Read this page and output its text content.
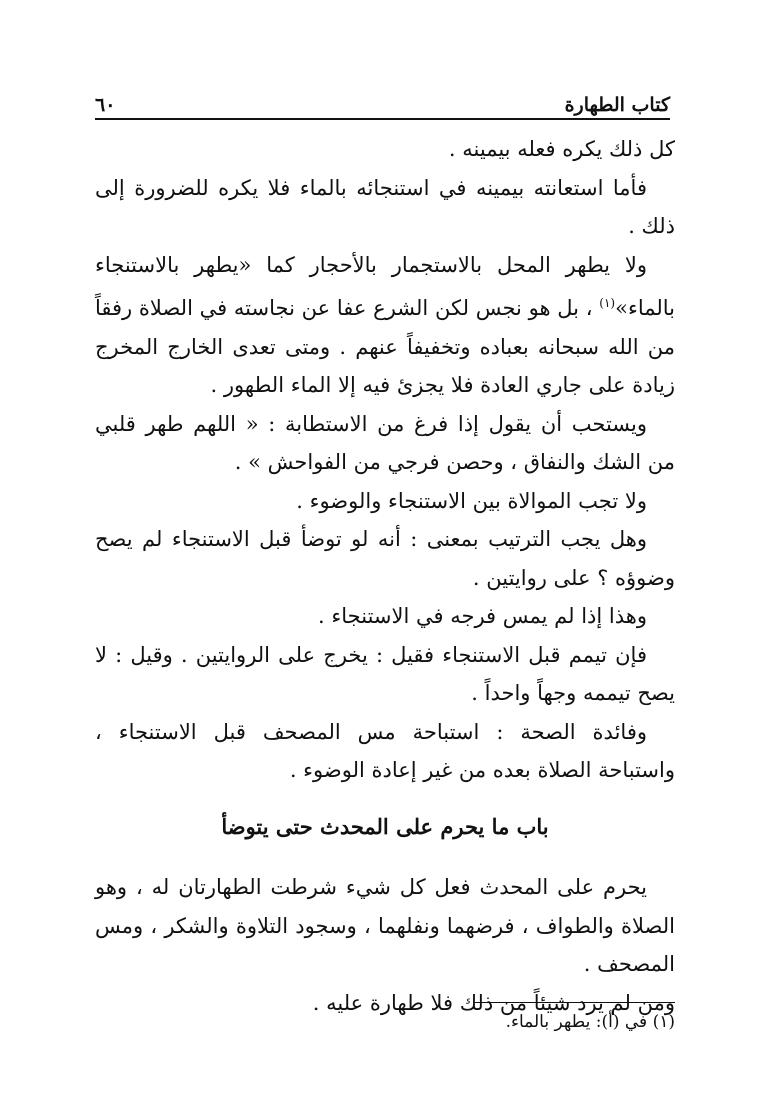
كتاب الطهارة
٦٠

كل ذلك يكره فعله بيمينه .

فأما استعانته بيمينه في استنجائه بالماء فلا يكره للضرورة إلى ذلك .

ولا يطهر المحل بالاستجمار بالأحجار كما «يطهر بالاستنجاء بالماء»$^{(١)}$ ، بل هو نجس لكن الشرع عفا عن نجاسته في الصلاة رفقاً من الله سبحانه بعباده وتخفيفاً عنهم . ومتى تعدى الخارج المخرج زيادة على جاري العادة فلا يجزئ فيه إلا الماء الطهور .

ويستحب أن يقول إذا فرغ من الاستطابة : « اللهم طهر قلبي من الشك والنفاق ، وحصن فرجي من الفواحش » .

ولا تجب الموالاة بين الاستنجاء والوضوء .

وهل يجب الترتيب بمعنى : أنه لو توضأ قبل الاستنجاء لم يصح وضوؤه ؟ على روايتين .

وهذا إذا لم يمس فرجه في الاستنجاء .

فإن تيمم قبل الاستنجاء فقيل : يخرج على الروايتين . وقيل : لا يصح تيممه وجهاً واحداً .

وفائدة الصحة : استباحة مس المصحف قبل الاستنجاء ، واستباحة الصلاة بعده من غير إعادة الوضوء .

باب ما يحرم على المحدث حتى يتوضأ

يحرم على المحدث فعل كل شيء شرطت الطهارتان له ، وهو الصلاة والطواف ، فرضهما ونفلهما ، وسجود التلاوة والشكر ، ومس المصحف .

ومن لم يرد شيئاً من ذلك فلا طهارة عليه .

(١) في (أ): يطهر بالماء.
